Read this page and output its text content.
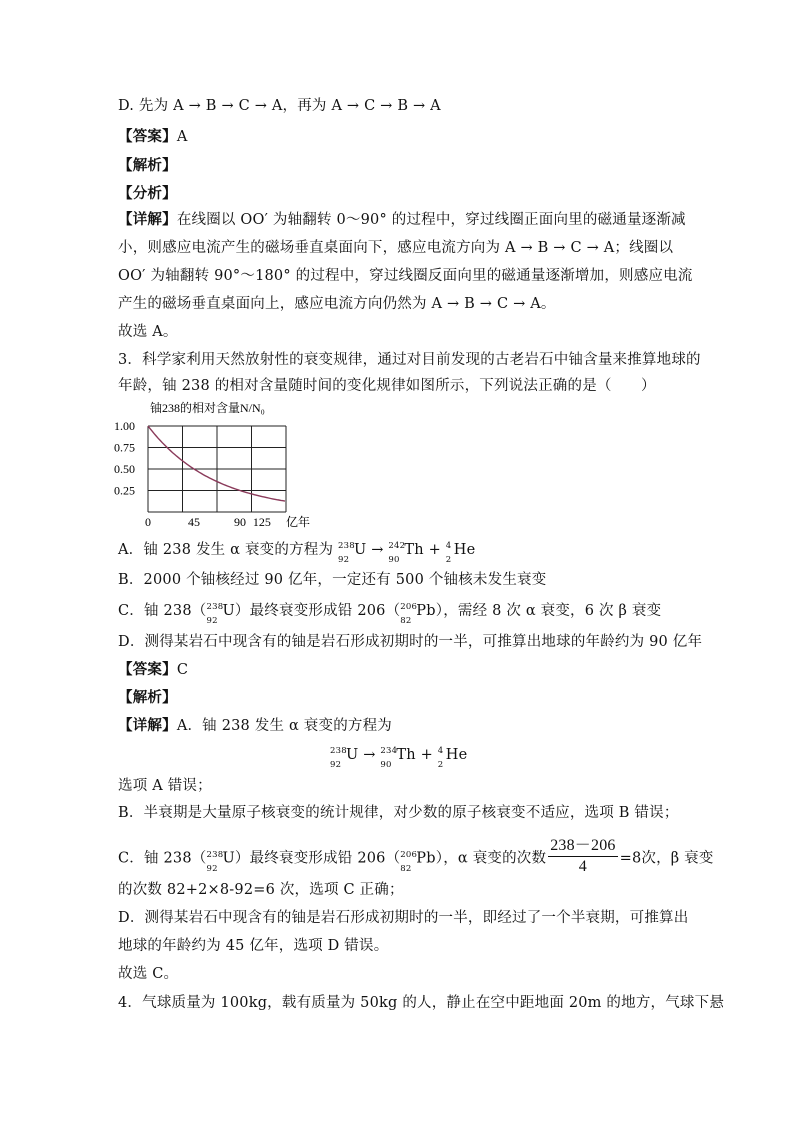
D. 先为 A → B → C → A，再为 A → C → B → A
【答案】A
【解析】
【分析】
【详解】在线圈以 OO′ 为轴翻转 0～90° 的过程中，穿过线圈正面向里的磁通量逐渐减
小，则感应电流产生的磁场垂直桌面向下，感应电流方向为 A → B → C → A；线圈以
OO′ 为轴翻转 90°～180° 的过程中，穿过线圈反面向里的磁通量逐渐增加，则感应电流
产生的磁场垂直桌面向上，感应电流方向仍然为 A → B → C → A。
故选 A。
3．科学家利用天然放射性的衰变规律，通过对目前发现的古老岩石中铀含量来推算地球的
年龄，铀 238 的相对含量随时间的变化规律如图所示，下列说法正确的是（　　）
铀238的相对含量N/N₀
1.00
0.75
0.50
0.25
0	45	90 125 亿年
A．铀 238 发生 α 衰变的方程为 238
92
U → 242
90
Th + 4
2
He
B．2000 个铀核经过 90 亿年，一定还有 500 个铀核未发生衰变
C．铀 238（ 238
92
U）最终衰变形成铅 206（ 206
82
Pb），需经 8 次 α 衰变，6 次 β 衰变
D．测得某岩石中现含有的铀是岩石形成初期时的一半，可推算出地球的年龄约为 90 亿年
【答案】C
【解析】
【详解】A．铀 238 发生 α 衰变的方程为
238
92
U → 234
90
Th + 4
2
He
选项 A 错误；
B．半衰期是大量原子核衰变的统计规律，对少数的原子核衰变不适应，选项 B 错误；
C．铀 238（ 238
92
U）最终衰变形成铅 206（ 206
82
Pb），α 衰变的次数 $\frac{238-206}{4} =8$次，β 衰变
的次数 82+2×8-92=6 次，选项 C 正确；
D．测得某岩石中现含有的铀是岩石形成初期时的一半，即经过了一个半衰期，可推算出
地球的年龄约为 45 亿年，选项 D 错误。
故选 C。
4．气球质量为 100kg，载有质量为 50kg 的人，静止在空中距地面 20m 的地方，气球下悬
